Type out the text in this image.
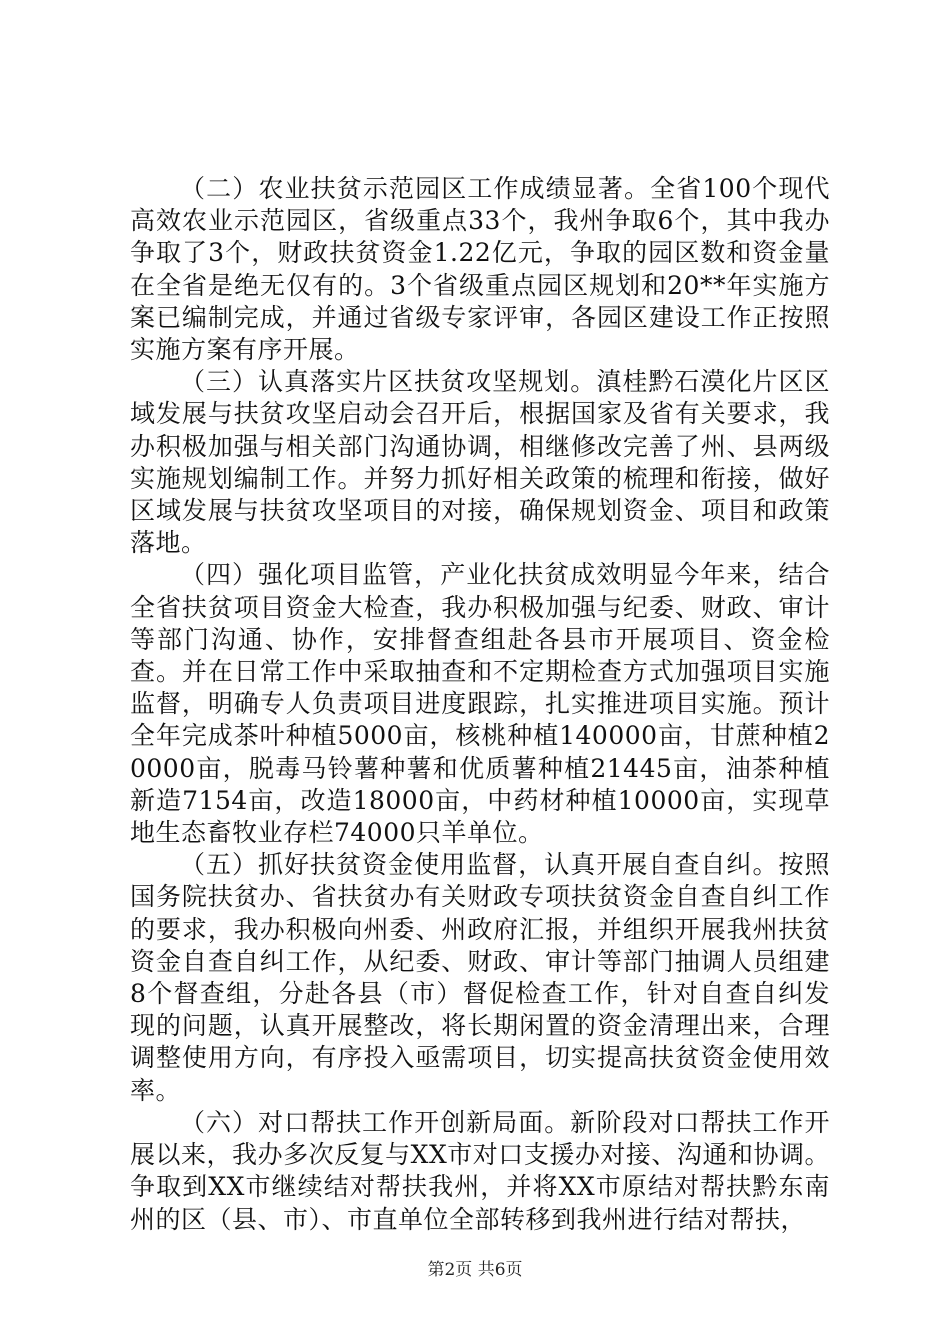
（二）农业扶贫示范园区工作成绩显著。全省100个现代高效农业示范园区，省级重点33个，我州争取6个，其中我办争取了3个，财政扶贫资金1.22亿元，争取的园区数和资金量在全省是绝无仅有的。3个省级重点园区规划和20**年实施方案已编制完成，并通过省级专家评审，各园区建设工作正按照实施方案有序开展。

（三）认真落实片区扶贫攻坚规划。滇桂黔石漠化片区区域发展与扶贫攻坚启动会召开后，根据国家及省有关要求，我办积极加强与相关部门沟通协调，相继修改完善了州、县两级实施规划编制工作。并努力抓好相关政策的梳理和衔接，做好区域发展与扶贫攻坚项目的对接，确保规划资金、项目和政策落地。

（四）强化项目监管，产业化扶贫成效明显今年来，结合全省扶贫项目资金大检查，我办积极加强与纪委、财政、审计等部门沟通、协作，安排督查组赴各县市开展项目、资金检查。并在日常工作中采取抽查和不定期检查方式加强项目实施监督，明确专人负责项目进度跟踪，扎实推进项目实施。预计全年完成茶叶种植5000亩，核桃种植140000亩，甘蔗种植20000亩，脱毒马铃薯种薯和优质薯种植21445亩，油茶种植新造7154亩，改造18000亩，中药材种植10000亩，实现草地生态畜牧业存栏74000只羊单位。

（五）抓好扶贫资金使用监督，认真开展自查自纠。按照国务院扶贫办、省扶贫办有关财政专项扶贫资金自查自纠工作的要求，我办积极向州委、州政府汇报，并组织开展我州扶贫资金自查自纠工作，从纪委、财政、审计等部门抽调人员组建8个督查组，分赴各县（市）督促检查工作，针对自查自纠发现的问题，认真开展整改，将长期闲置的资金清理出来，合理调整使用方向，有序投入亟需项目，切实提高扶贫资金使用效率。

（六）对口帮扶工作开创新局面。新阶段对口帮扶工作开展以来，我办多次反复与XX市对口支援办对接、沟通和协调。争取到XX市继续结对帮扶我州，并将XX市原结对帮扶黔东南州的区（县、市）、市直单位全部转移到我州进行结对帮扶，

第2页 共6页
